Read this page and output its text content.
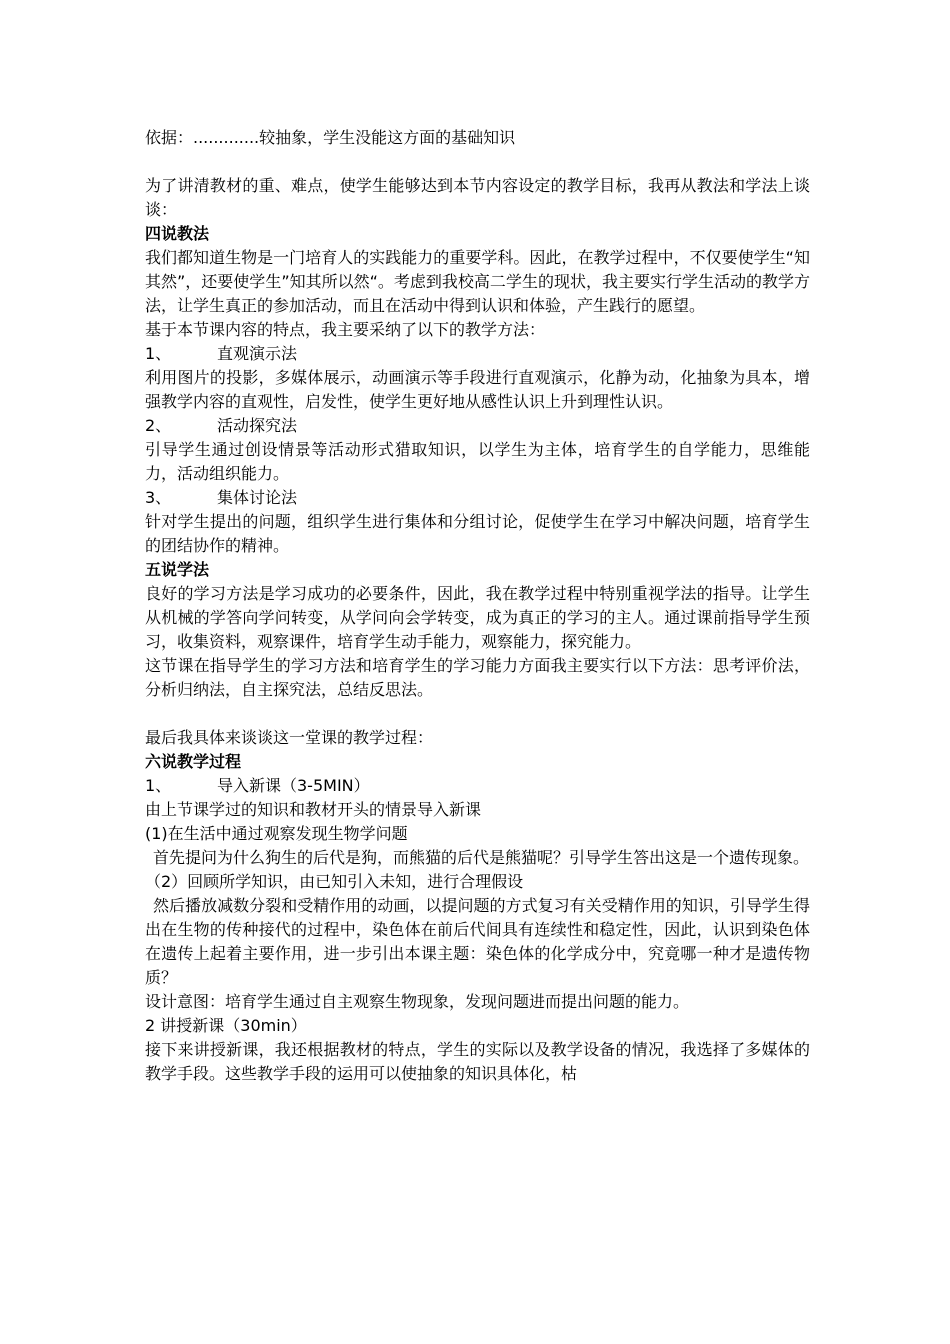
依据：.............较抽象，学生没能这方面的基础知识

为了讲清教材的重、难点，使学生能够达到本节内容设定的教学目标，我再从教法和学法上谈谈：

四说教法

我们都知道生物是一门培育人的实践能力的重要学科。因此，在教学过程中，不仅要使学生“知其然”，还要使学生”知其所以然“。考虑到我校高二学生的现状，我主要实行学生活动的教学方法，让学生真正的参加活动，而且在活动中得到认识和体验，产生践行的愿望。

基于本节课内容的特点，我主要采纳了以下的教学方法：

1、	直观演示法

利用图片的投影，多媒体展示，动画演示等手段进行直观演示，化静为动，化抽象为具本，增强教学内容的直观性，启发性，使学生更好地从感性认识上升到理性认识。

2、	活动探究法

引导学生通过创设情景等活动形式猎取知识，以学生为主体，培育学生的自学能力，思维能力，活动组织能力。

3、	集体讨论法

针对学生提出的问题，组织学生进行集体和分组讨论，促使学生在学习中解决问题，培育学生的团结协作的精神。

五说学法

良好的学习方法是学习成功的必要条件，因此，我在教学过程中特别重视学法的指导。让学生从机械的学答向学问转变，从学问向会学转变，成为真正的学习的主人。通过课前指导学生预习，收集资料，观察课件，培育学生动手能力，观察能力，探究能力。

这节课在指导学生的学习方法和培育学生的学习能力方面我主要实行以下方法：思考评价法，分析归纳法，自主探究法，总结反思法。

最后我具体来谈谈这一堂课的教学过程：

六说教学过程

1、	导入新课（3-5MIN）

由上节课学过的知识和教材开头的情景导入新课

(1)在生活中通过观察发现生物学问题

首先提问为什么狗生的后代是狗，而熊猫的后代是熊猫呢？引导学生答出这是一个遗传现象。

（2）回顾所学知识，由已知引入未知，进行合理假设

然后播放减数分裂和受精作用的动画，以提问题的方式复习有关受精作用的知识，引导学生得出在生物的传种接代的过程中，染色体在前后代间具有连续性和稳定性，因此，认识到染色体在遗传上起着主要作用，进一步引出本课主题：染色体的化学成分中，究竟哪一种才是遗传物质？

设计意图：培育学生通过自主观察生物现象，发现问题进而提出问题的能力。

2 讲授新课（30min）

接下来讲授新课，我还根据教材的特点，学生的实际以及教学设备的情况，我选择了多媒体的教学手段。这些教学手段的运用可以使抽象的知识具体化，枯
